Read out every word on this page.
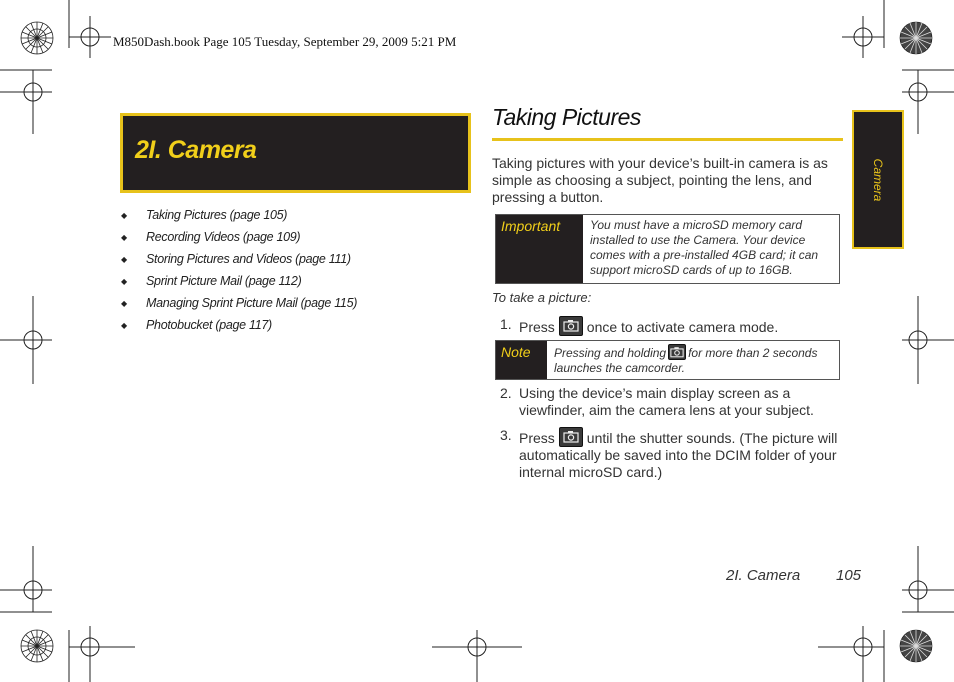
M850Dash.book Page 105 Tuesday, September 29, 2009 5:21 PM
2I. Camera
◆ Taking Pictures (page 105)
◆ Recording Videos (page 109)
◆ Storing Pictures and Videos (page 111)
◆ Sprint Picture Mail (page 112)
◆ Managing Sprint Picture Mail (page 115)
◆ Photobucket (page 117)
Taking Pictures
Taking pictures with your device’s built-in camera is as simple as choosing a subject, pointing the lens, and pressing a button.
Important	You must have a microSD memory card installed to use the Camera. Your device comes with a pre-installed 4GB card; it can support microSD cards of up to 16GB.
To take a picture:
1. Press once to activate camera mode.
Note	Pressing and holding for more than 2 seconds launches the camcorder.
2. Using the device’s main display screen as a viewfinder, aim the camera lens at your subject.
3. Press until the shutter sounds. (The picture will automatically be saved into the DCIM folder of your internal microSD card.)
Camera
2I. Camera 105
